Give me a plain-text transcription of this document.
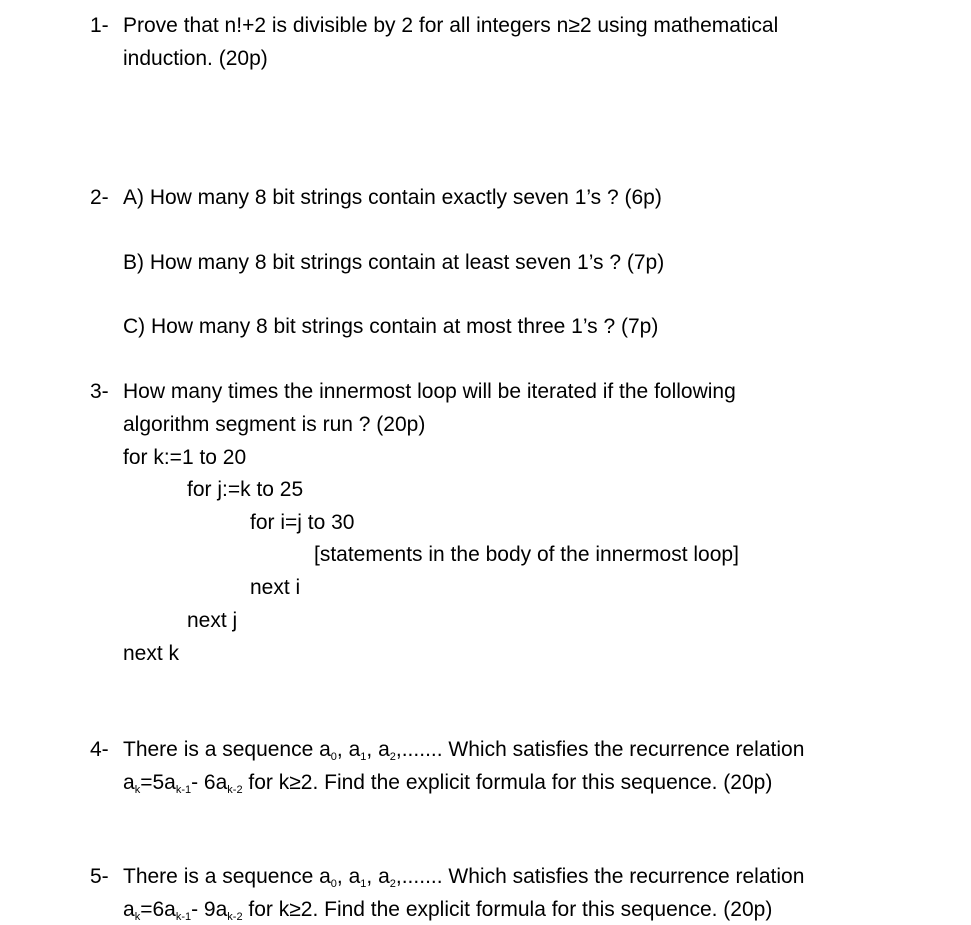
1- Prove that n!+2 is divisible by 2 for all integers n≥2 using mathematical
induction. (20p)
2- A) How many 8 bit strings contain exactly seven 1’s ? (6p)
B) How many 8 bit strings contain at least seven 1’s ? (7p)
C) How many 8 bit strings contain at most three 1’s ? (7p)
3- How many times the innermost loop will be iterated if the following
algorithm segment is run ? (20p)
for k:=1 to 20
for j:=k to 25
for i=j to 30
[statements in the body of the innermost loop]
next i
next j
next k
4- There is a sequence $a_0$, $a_1$, $a_2$,....... Which satisfies the recurrence relation
$a_k=5a_{k-1}-$ $6a_{k-2}$ for k≥2. Find the explicit formula for this sequence. (20p)
5- There is a sequence $a_0$, $a_1$, $a_2$,....... Which satisfies the recurrence relation
$a_k=6a_{k-1}-$ $9a_{k-2}$ for k≥2. Find the explicit formula for this sequence. (20p)
